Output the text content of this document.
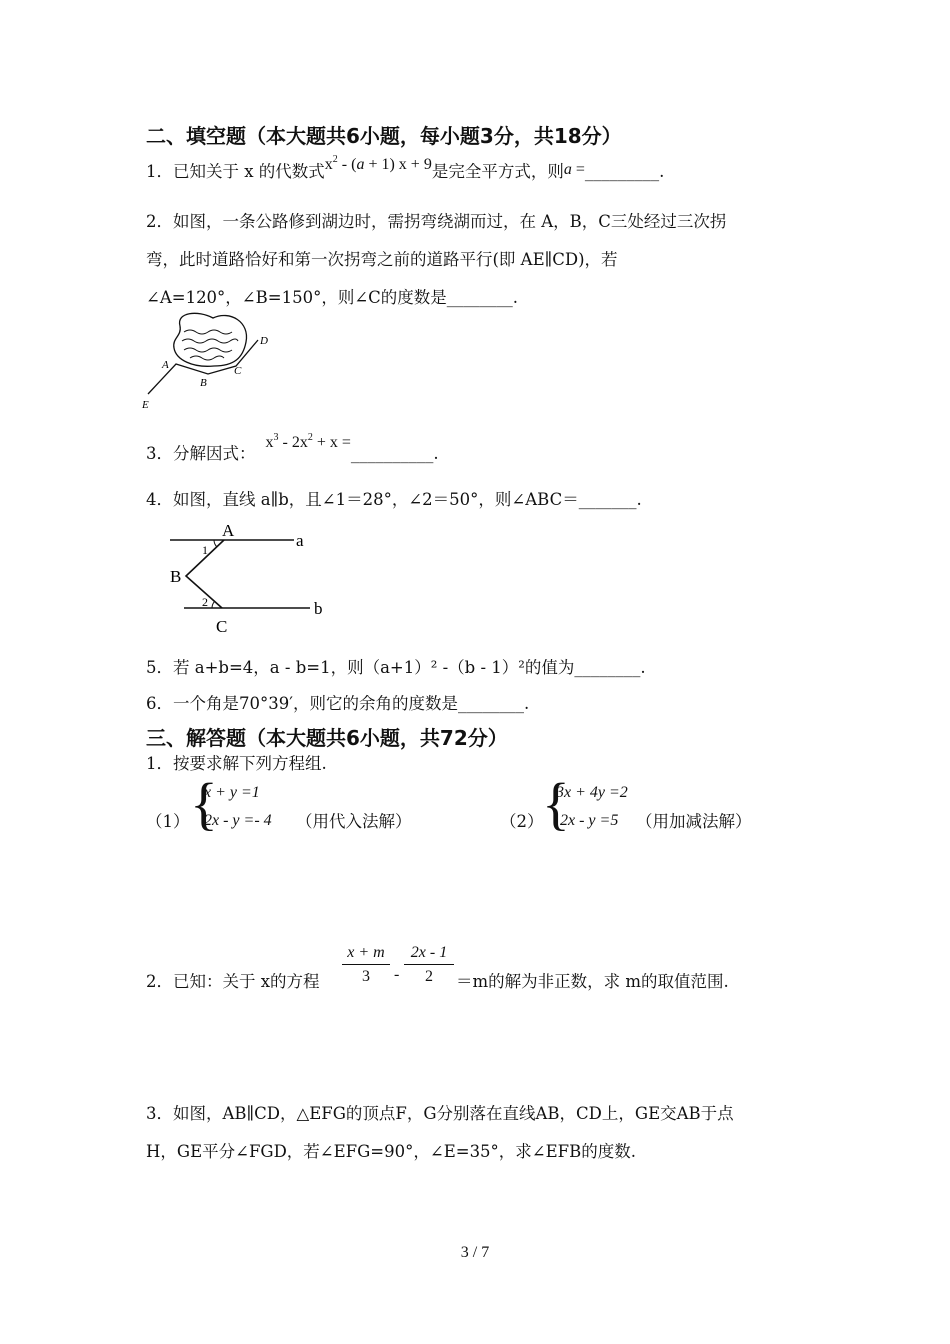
二、填空题（本大题共6小题，每小题3分，共18分）
1．已知关于 x 的代数式$x^2 - (a + 1) x + 9$是完全平方式，则a =_________.
2．如图，一条公路修到湖边时，需拐弯绕湖而过，在 A，B，C三处经过三次拐
弯，此时道路恰好和第一次拐弯之前的道路平行(即 AE∥CD)，若
∠A=120°，∠B=150°，则∠C的度数是________.
A
B
C
D
E
3．分解因式：$x^3 - 2x^2 + x$ =__________.
4．如图，直线 a∥b，且∠1＝28°，∠2＝50°，则∠ABC＝_______.
A
B
C
a
b
1
2
5．若 a+b=4，a - b=1，则（a+1）² -（b - 1）²的值为________.
6．一个角是70°39′，则它的余角的度数是________.
三、解答题（本大题共6小题，共72分）
1．按要求解下列方程组.
（1） {
x + y =1
2x - y =- 4 （用代入法解）	（2）
{
3x + 4y =2
2x - y =5 （用加减法解）
2．已知：关于 x的方程 $\frac{x + m}{3} - \frac{2x - 1}{2} =m$的解为非正数，求 m的取值范围.
3．如图，AB∥CD，△EFG的顶点F，G分别落在直线AB，CD上，GE交AB于点
H，GE平分∠FGD，若∠EFG=90°，∠E=35°，求∠EFB的度数.
3 / 7
